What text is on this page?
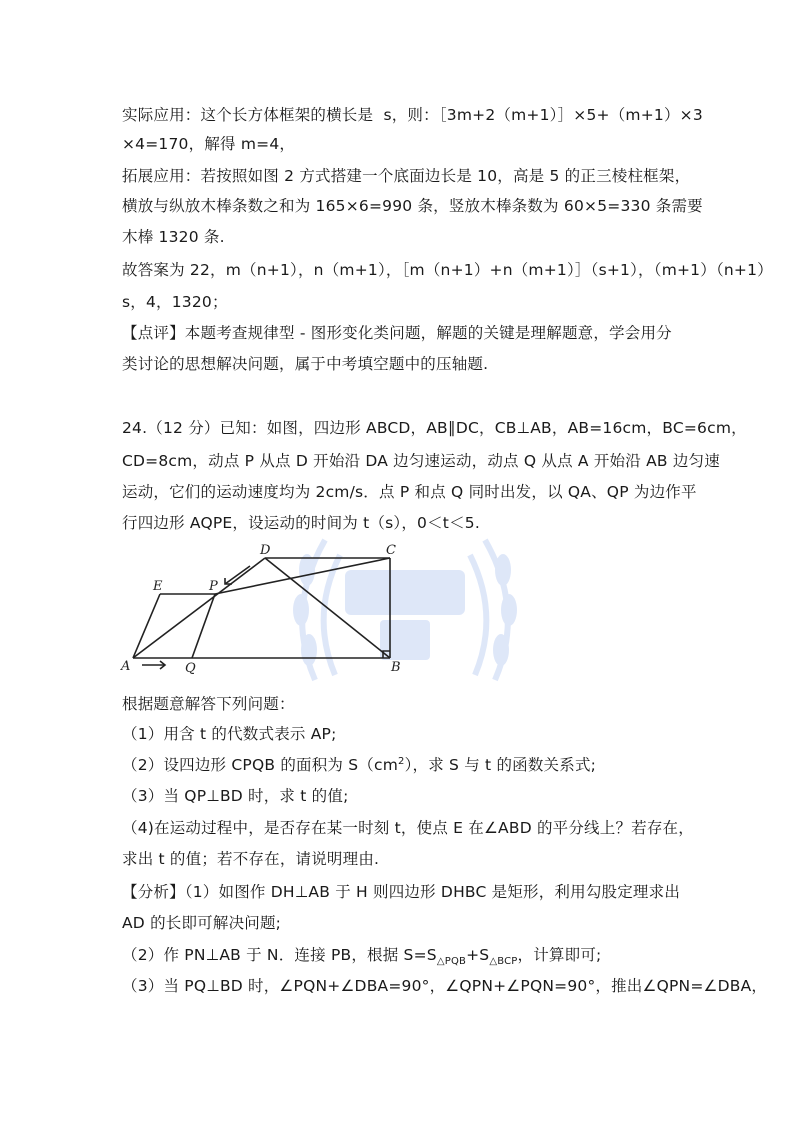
实际应用：这个长方体框架的横长是  s，则：［3m+2（m+1）］×5+（m+1）×3
×4=170，解得 m=4，
拓展应用：若按照如图 2 方式搭建一个底面边长是 10，高是 5 的正三棱柱框架，
横放与纵放木棒条数之和为 165×6=990 条，竖放木棒条数为 60×5=330 条需要
木棒 1320 条.
故答案为 22，m（n+1），n（m+1），［m（n+1）+n（m+1）］（s+1），（m+1）（n+1）
s，4，1320；
【点评】本题考查规律型 - 图形变化类问题，解题的关键是理解题意，学会用分
类讨论的思想解决问题，属于中考填空题中的压轴题.
24.（12 分）已知：如图，四边形 ABCD，AB∥DC，CB⊥AB，AB=16cm，BC=6cm，
CD=8cm，动点 P 从点 D 开始沿 DA 边匀速运动，动点 Q 从点 A 开始沿 AB 边匀速
运动，它们的运动速度均为 2cm/s．点 P 和点 Q 同时出发，以 QA、QP 为边作平
行四边形 AQPE，设运动的时间为 t（s），0＜t＜5.
D	C
E	P
A	Q	B
根据题意解答下列问题：
（1）用含 t 的代数式表示 AP;
（2）设四边形 CPQB 的面积为 $S(cm^2)$，求 S 与 t 的函数关系式;
（3）当 QP⊥BD 时，求 t 的值;
（4)在运动过程中，是否存在某一时刻 t，使点 E 在∠ABD 的平分线上？若存在，
求出 t 的值；若不存在，请说明理由.
【分析】（1）如图作 DH⊥AB 于 H 则四边形 DHBC 是矩形，利用勾股定理求出
AD 的长即可解决问题;
（2）作 PN⊥AB 于 N．连接 PB，根据 $S=S_{\triangle PQB}+S_{\triangle BCP}$，计算即可;
（3）当 PQ⊥BD 时，∠PQN+∠DBA=90°，∠QPN+∠PQN=90°，推出∠QPN=∠DBA，
